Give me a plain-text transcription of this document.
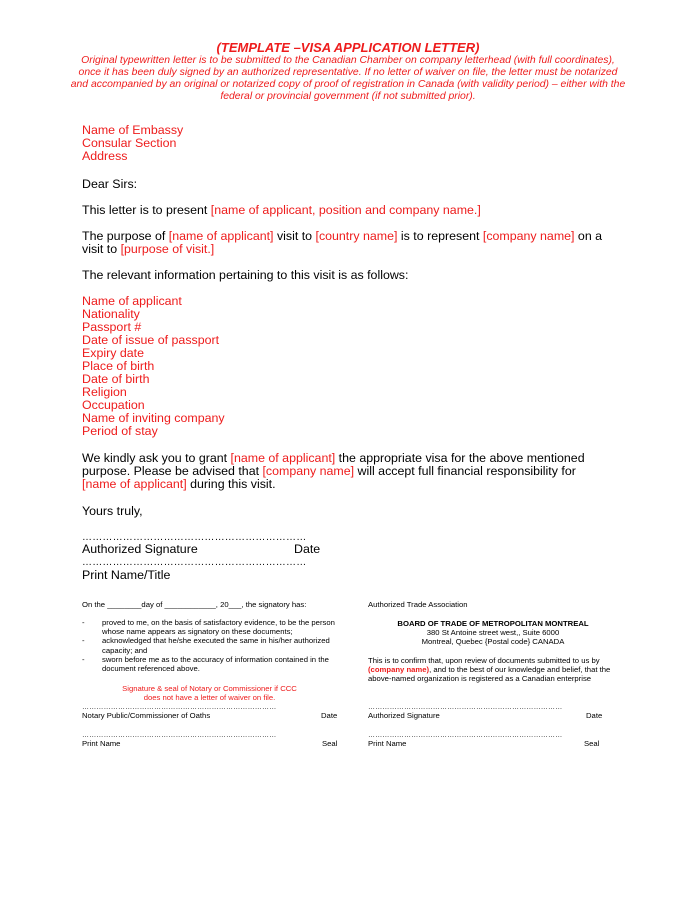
(TEMPLATE –VISA APPLICATION LETTER)
Original typewritten letter is to be submitted to the Canadian Chamber on company letterhead (with full coordinates), once it has been duly signed by an authorized representative. If no letter of waiver on file, the letter must be notarized and accompanied by an original or notarized copy of proof of registration in Canada (with validity period) – either with the federal or provincial government (if not submitted prior).
Name of Embassy
Consular Section
Address
Dear Sirs:
This letter is to present [name of applicant, position and company name.]
The purpose of [name of applicant] visit to [country name] is to represent [company name] on a visit to [purpose of visit.]
The relevant information pertaining to this visit is as follows:
Name of applicant
Nationality
Passport #
Date of issue of passport
Expiry date
Place of birth
Date of birth
Religion
Occupation
Name of inviting company
Period of stay
We kindly ask you to grant [name of applicant] the appropriate visa for the above mentioned purpose. Please be advised that [company name] will accept full financial responsibility for [name of applicant] during this visit.
Yours truly,
…………………………………………………………
Authorized Signature	Date
…………………………………………………………
Print Name/Title
On the ________day of ____________, 20___, the signatory has:
- proved to me, on the basis of satisfactory evidence, to be the person whose name appears as signatory on these documents;
- acknowledged that he/she executed the same in his/her authorized capacity; and
- sworn before me as to the accuracy of information contained in the document referenced above.
Signature & seal of Notary or Commissioner if CCC does not have a letter of waiver on file.
………………………………………………………………………
Notary Public/Commissioner of Oaths	Date
………………………………………………………………………
Print Name	Seal
Authorized Trade Association
BOARD OF TRADE OF METROPOLITAN MONTREAL
380 St Antoine street west,, Suite 6000
Montreal, Quebec {Postal code} CANADA
This is to confirm that, upon review of documents submitted to us by (company name), and to the best of our knowledge and belief, that the above-named organization is registered as a Canadian enterprise
………………………………………………………………………
Authorized Signature	Date
………………………………………………………………………
Print Name	Seal
